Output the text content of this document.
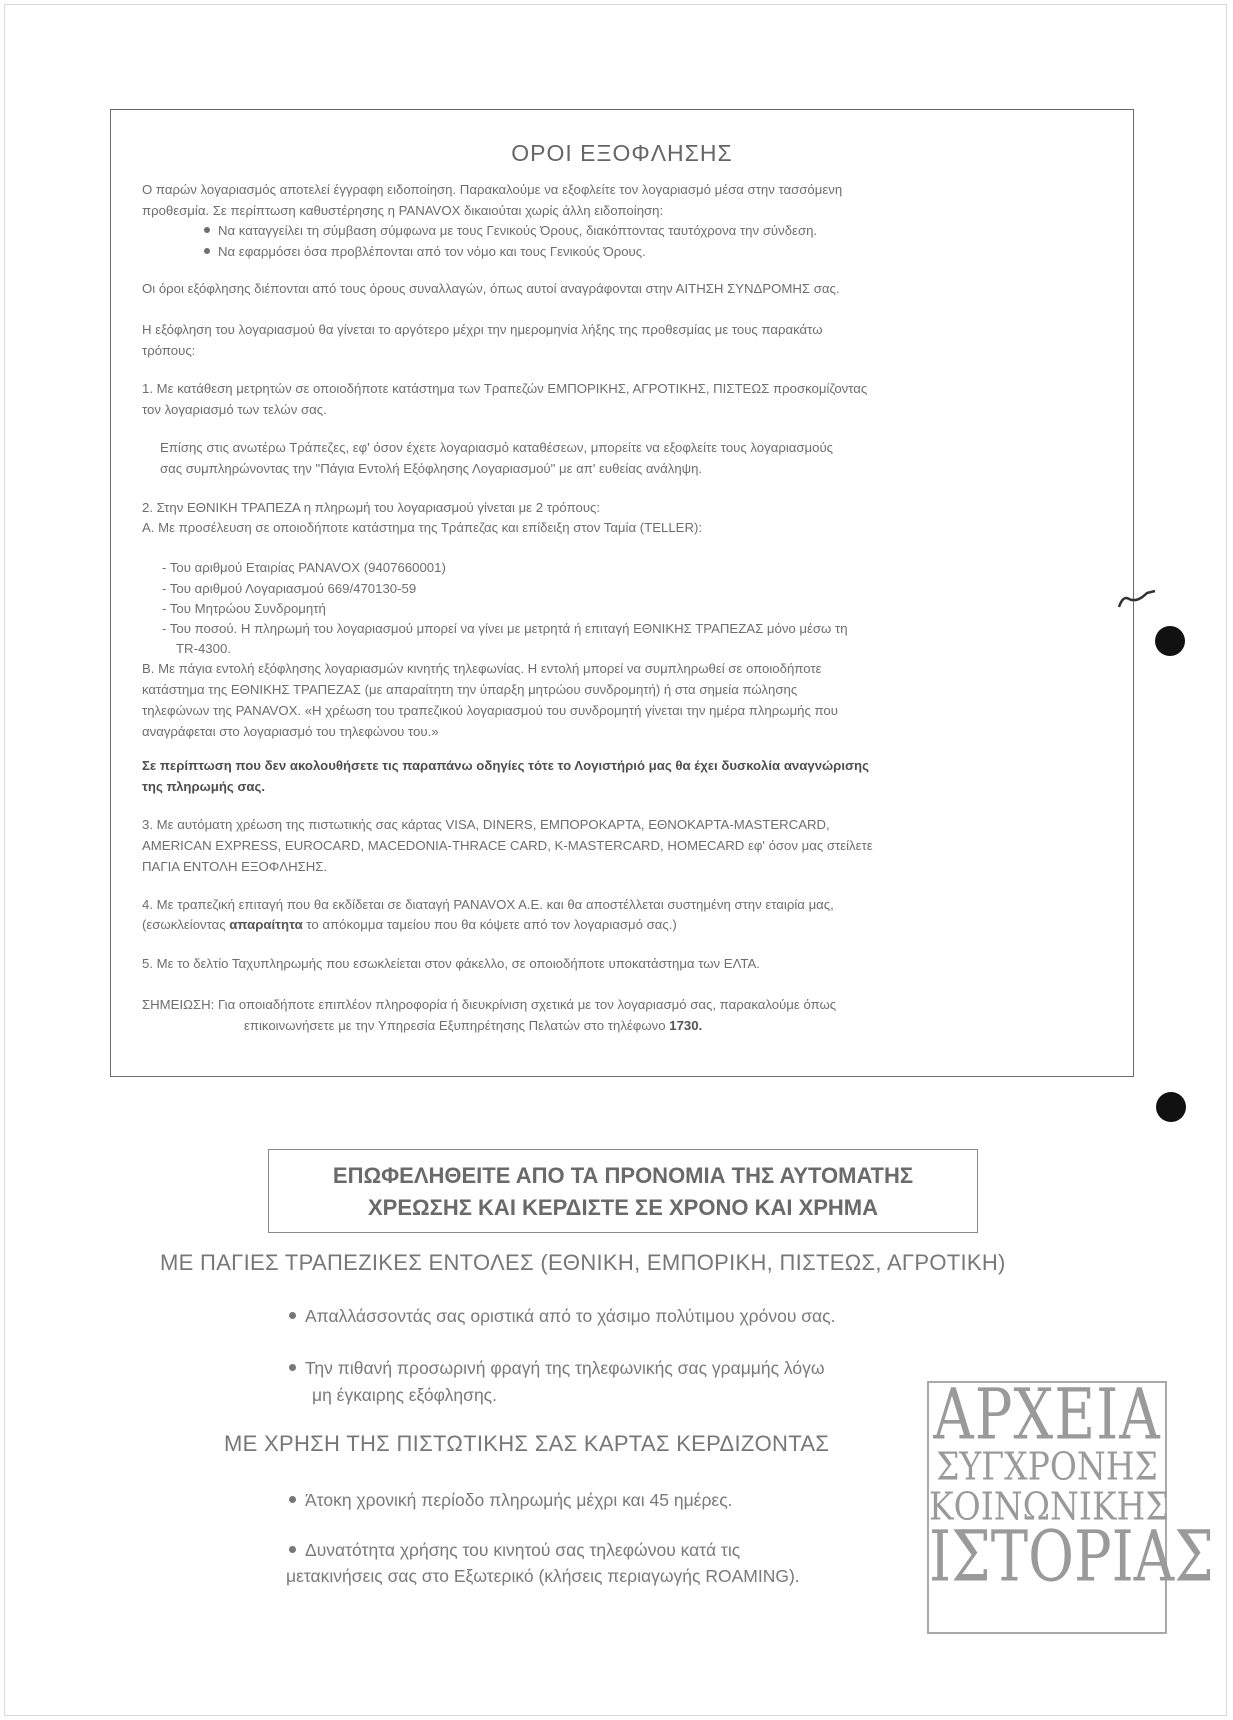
ΟΡΟΙ ΕΞΟΦΛΗΣΗΣ

Ο παρών λογαριασμός αποτελεί έγγραφη ειδοποίηση. Παρακαλούμε να εξοφλείτε τον λογαριασμό μέσα στην τασσόμενη

προθεσμία. Σε περίπτωση καθυστέρησης η PANAVOX δικαιούται χωρίς άλλη ειδοποίηση:

Να καταγγείλει τη σύμβαση σύμφωνα με τους Γενικούς Όρους, διακόπτοντας ταυτόχρονα την σύνδεση.
Να εφαρμόσει όσα προβλέπονται από τον νόμο και τους Γενικούς Όρους.

Οι όροι εξόφλησης διέπονται από τους όρους συναλλαγών, όπως αυτοί αναγράφονται στην ΑΙΤΗΣΗ ΣΥΝΔΡΟΜΗΣ σας.

Η εξόφληση του λογαριασμού θα γίνεται το αργότερο μέχρι την ημερομηνία λήξης της προθεσμίας με τους παρακάτω

τρόπους:

1. Με κατάθεση μετρητών σε οποιοδήποτε κατάστημα των Τραπεζών ΕΜΠΟΡΙΚΗΣ, ΑΓΡΟΤΙΚΗΣ, ΠΙΣΤΕΩΣ προσκομίζοντας

τον λογαριασμό των τελών σας.

Επίσης στις ανωτέρω Τράπεζες, εφ' όσον έχετε λογαριασμό καταθέσεων, μπορείτε να εξοφλείτε τους λογαριασμούς

σας συμπληρώνοντας την "Πάγια Εντολή Εξόφλησης Λογαριασμού" με απ' ευθείας ανάληψη.

2. Στην ΕΘΝΙΚΗ ΤΡΑΠΕΖΑ η πληρωμή του λογαριασμού γίνεται με 2 τρόπους:

Α. Με προσέλευση σε οποιοδήποτε κατάστημα της Τράπεζας και επίδειξη στον Ταμία (TELLER):

- Του αριθμού Εταιρίας PANAVOX (9407660001)

- Του αριθμού Λογαριασμού 669/470130-59

- Του Μητρώου Συνδρομητή

- Του ποσού. Η πληρωμή του λογαριασμού μπορεί να γίνει με μετρητά ή επιταγή ΕΘΝΙΚΗΣ ΤΡΑΠΕΖΑΣ μόνο μέσω τη

TR-4300.

Β. Με πάγια εντολή εξόφλησης λογαριασμών κινητής τηλεφωνίας. Η εντολή μπορεί να συμπληρωθεί σε οποιοδήποτε

κατάστημα της ΕΘΝΙΚΗΣ ΤΡΑΠΕΖΑΣ (με απαραίτητη την ύπαρξη μητρώου συνδρομητή) ή στα σημεία πώλησης

τηλεφώνων της PANAVOX. «Η χρέωση του τραπεζικού λογαριασμού του συνδρομητή γίνεται την ημέρα πληρωμής που

αναγράφεται στο λογαριασμό του τηλεφώνου του.»

Σε περίπτωση που δεν ακολουθήσετε τις παραπάνω οδηγίες τότε το Λογιστήριό μας θα έχει δυσκολία αναγνώρισης

της πληρωμής σας.

3. Με αυτόματη χρέωση της πιστωτικής σας κάρτας VISA, DINERS, ΕΜΠΟΡΟΚΑΡΤΑ, ΕΘΝΟΚΑΡΤΑ-MASTERCARD,

AMERICAN EXPRESS, EUROCARD, MACEDONIA-THRACE CARD, K-MASTERCARD, HOMECARD εφ' όσον μας στείλετε

ΠΑΓΙΑ ΕΝΤΟΛΗ ΕΞΟΦΛΗΣΗΣ.

4. Με τραπεζική επιταγή που θα εκδίδεται σε διαταγή PANAVOX A.E. και θα αποστέλλεται συστημένη στην εταιρία μας,

(εσωκλείοντας απαραίτητα το απόκομμα ταμείου που θα κόψετε από τον λογαριασμό σας.)

5. Με το δελτίο Ταχυπληρωμής που εσωκλείεται στον φάκελλο, σε οποιοδήποτε υποκατάστημα των ΕΛΤΑ.

ΣΗΜΕΙΩΣΗ: Για οποιαδήποτε επιπλέον πληροφορία ή διευκρίνιση σχετικά με τον λογαριασμό σας, παρακαλούμε όπως

επικοινωνήσετε με την Υπηρεσία Εξυπηρέτησης Πελατών στο τηλέφωνο 1730.

ΕΠΩΦΕΛΗΘΕΙΤΕ ΑΠΟ ΤΑ ΠΡΟΝΟΜΙΑ ΤΗΣ ΑΥΤΟΜΑΤΗΣ
ΧΡΕΩΣΗΣ ΚΑΙ ΚΕΡΔΙΣΤΕ ΣΕ ΧΡΟΝΟ ΚΑΙ ΧΡΗΜΑ
ΜΕ ΠΑΓΙΕΣ ΤΡΑΠΕΖΙΚΕΣ ΕΝΤΟΛΕΣ (ΕΘΝΙΚΗ, ΕΜΠΟΡΙΚΗ, ΠΙΣΤΕΩΣ, ΑΓΡΟΤΙΚΗ)
Απαλλάσσοντάς σας οριστικά από το χάσιμο πολύτιμου χρόνου σας.
Την πιθανή προσωρινή φραγή της τηλεφωνικής σας γραμμής λόγω
μη έγκαιρης εξόφλησης.
ΜΕ ΧΡΗΣΗ ΤΗΣ ΠΙΣΤΩΤΙΚΗΣ ΣΑΣ ΚΑΡΤΑΣ ΚΕΡΔΙΖΟΝΤΑΣ
Άτοκη χρονική περίοδο πληρωμής μέχρι και 45 ημέρες.
Δυνατότητα χρήσης του κινητού σας τηλεφώνου κατά τις
μετακινήσεις σας στο Εξωτερικό (κλήσεις περιαγωγής ROAMING).
ΑΡΧΕΙΑ
ΣΥΓΧΡΟΝΗΣ
ΚΟΙΝΩΝΙΚΗΣ
ΙΣΤΟΡΙΑΣ
